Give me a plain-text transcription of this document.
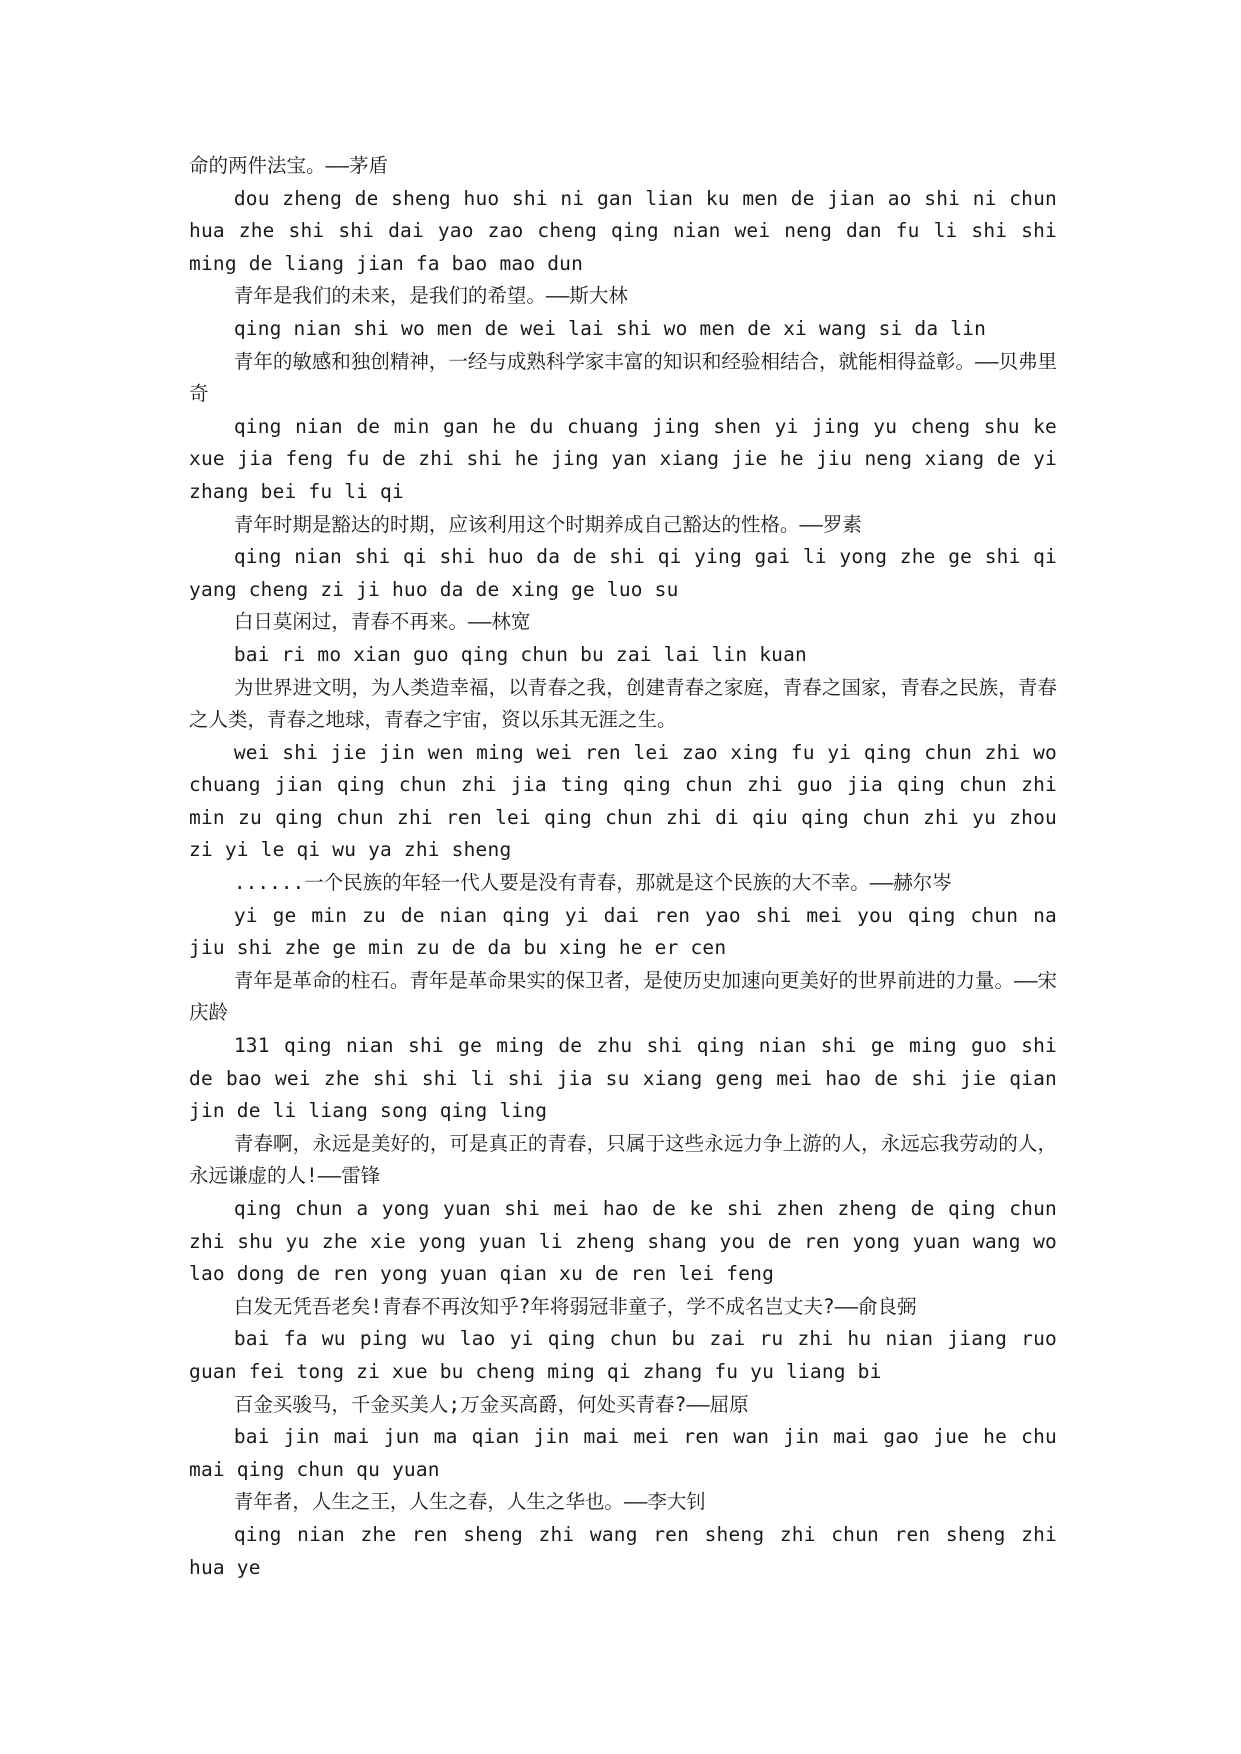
命的两件法宝。——茅盾

dou zheng de sheng huo shi ni gan lian ku men de jian ao shi ni chun hua zhe shi shi dai yao zao cheng qing nian wei neng dan fu li shi shi ming de liang jian fa bao mao dun

青年是我们的未来，是我们的希望。——斯大林

qing nian shi wo men de wei lai shi wo men de xi wang si da lin

青年的敏感和独创精神，一经与成熟科学家丰富的知识和经验相结合，就能相得益彰。——贝弗里奇

qing nian de min gan he du chuang jing shen yi jing yu cheng shu ke xue jia feng fu de zhi shi he jing yan xiang jie he jiu neng xiang de yi zhang bei fu li qi

青年时期是豁达的时期，应该利用这个时期养成自己豁达的性格。——罗素

qing nian shi qi shi huo da de shi qi ying gai li yong zhe ge shi qi yang cheng zi ji huo da de xing ge luo su

白日莫闲过，青春不再来。——林宽

bai ri mo xian guo qing chun bu zai lai lin kuan

为世界进文明，为人类造幸福，以青春之我，创建青春之家庭，青春之国家，青春之民族，青春之人类，青春之地球，青春之宇宙，资以乐其无涯之生。

wei shi jie jin wen ming wei ren lei zao xing fu yi qing chun zhi wo chuang jian qing chun zhi jia ting qing chun zhi guo jia qing chun zhi min zu qing chun zhi ren lei qing chun zhi di qiu qing chun zhi yu zhou zi yi le qi wu ya zhi sheng

......一个民族的年轻一代人要是没有青春，那就是这个民族的大不幸。——赫尔岑

yi ge min zu de nian qing yi dai ren yao shi mei you qing chun na jiu shi zhe ge min zu de da bu xing he er cen

青年是革命的柱石。青年是革命果实的保卫者，是使历史加速向更美好的世界前进的力量。——宋庆龄

131 qing nian shi ge ming de zhu shi qing nian shi ge ming guo shi de bao wei zhe shi shi li shi jia su xiang geng mei hao de shi jie qian jin de li liang song qing ling

青春啊，永远是美好的，可是真正的青春，只属于这些永远力争上游的人，永远忘我劳动的人，永远谦虚的人!——雷锋

qing chun a yong yuan shi mei hao de ke shi zhen zheng de qing chun zhi shu yu zhe xie yong yuan li zheng shang you de ren yong yuan wang wo lao dong de ren yong yuan qian xu de ren lei feng

白发无凭吾老矣!青春不再汝知乎?年将弱冠非童子，学不成名岂丈夫?——俞良弼

bai fa wu ping wu lao yi qing chun bu zai ru zhi hu nian jiang ruo guan fei tong zi xue bu cheng ming qi zhang fu yu liang bi

百金买骏马，千金买美人;万金买高爵，何处买青春?——屈原

bai jin mai jun ma qian jin mai mei ren wan jin mai gao jue he chu mai qing chun qu yuan

青年者，人生之王，人生之春，人生之华也。——李大钊

qing nian zhe ren sheng zhi wang ren sheng zhi chun ren sheng zhi hua ye
